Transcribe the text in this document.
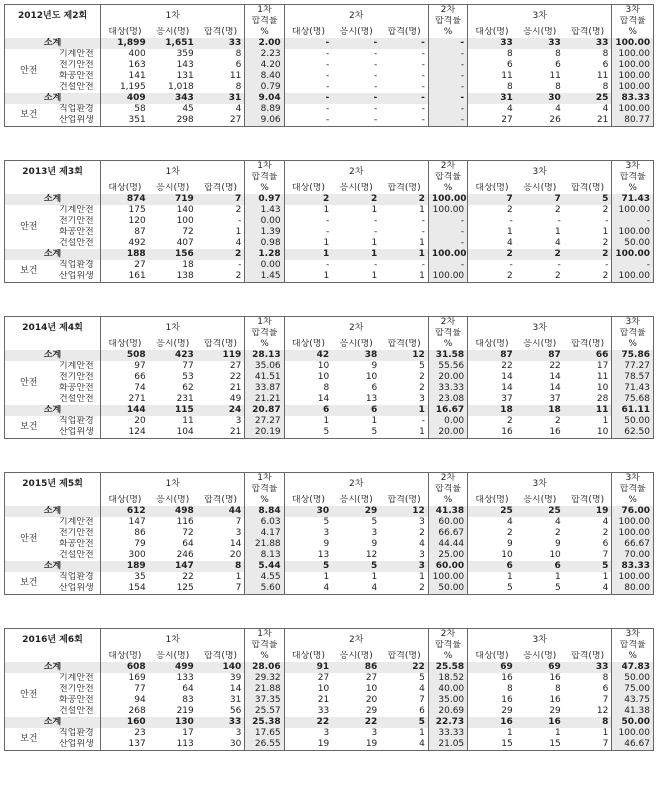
2012년도 제2회		1차			1차	2차			2차	3차			3차
					합격률				합격률				합격률
		대상(명)	응시(명)	합격(명)	%	대상(명)	응시(명)	합격(명)	%	대상(명)	응시(명)	합격(명)	%
소계		1,899	1,651	33	2.00	-	-	-	-	33	33	33	100.00
안전	기계안전	400	359	8	2.23	-	-	-	-	8	8	8	100.00
	전기안전	163	143	6	4.20	-	-	-	-	6	6	6	100.00
	화공안전	141	131	11	8.40	-	-	-	-	11	11	11	100.00
	건설안전	1,195	1,018	8	0.79	-	-	-	-	8	8	8	100.00
소계		409	343	31	9.04	-	-	-	-	31	30	25	83.33
보건	직업환경	58	45	4	8.89	-	-	-	-	4	4	4	100.00
	산업위생	351	298	27	9.06	-	-	-	-	27	26	21	80.77
2013년 제3회		1차			1차	2차			2차	3차			3차
					합격률				합격률				합격률
		대상(명)	응시(명)	합격(명)	%	대상(명)	응시(명)	합격(명)	%	대상(명)	응시(명)	합격(명)	%
소계		874	719	7	0.97	2	2	2	100.00	7	7	5	71.43
안전	기계안전	175	140	2	1.43	1	1	1	100.00	2	2	2	100.00
	전기안전	120	100	-	0.00	-	-	-	-	-	-	-	-
	화공안전	87	72	1	1.39	-	-	-	-	1	1	1	100.00
	건설안전	492	407	4	0.98	1	1	1	-	4	4	2	50.00
소계		188	156	2	1.28	1	1	1	100.00	2	2	2	100.00
보건	직업환경	27	18	-	0.00	-	-	-	-	-	-	-	-
	산업위생	161	138	2	1.45	1	1	1	100.00	2	2	2	100.00
2014년 제4회		1차			1차	2차			2차	3차			3차
					합격률				합격률				합격률
		대상(명)	응시(명)	합격(명)	%	대상(명)	응시(명)	합격(명)	%	대상(명)	응시(명)	합격(명)	%
소계		508	423	119	28.13	42	38	12	31.58	87	87	66	75.86
안전	기계안전	97	77	27	35.06	10	9	5	55.56	22	22	17	77.27
	전기안전	66	53	22	41.51	10	10	2	20.00	14	14	11	78.57
	화공안전	74	62	21	33.87	8	6	2	33.33	14	14	10	71.43
	건설안전	271	231	49	21.21	14	13	3	23.08	37	37	28	75.68
소계		144	115	24	20.87	6	6	1	16.67	18	18	11	61.11
보건	직업환경	20	11	3	27.27	1	1	-	0.00	2	2	1	50.00
	산업위생	124	104	21	20.19	5	5	1	20.00	16	16	10	62.50
2015년 제5회		1차			1차	2차			2차	3차			3차
					합격률				합격률				합격률
		대상(명)	응시(명)	합격(명)	%	대상(명)	응시(명)	합격(명)	%	대상(명)	응시(명)	합격(명)	%
소계		612	498	44	8.84	30	29	12	41.38	25	25	19	76.00
안전	기계안전	147	116	7	6.03	5	5	3	60.00	4	4	4	100.00
	전기안전	86	72	3	4.17	3	3	2	66.67	2	2	2	100.00
	화공안전	79	64	14	21.88	9	9	4	44.44	9	9	6	66.67
	건설안전	300	246	20	8.13	13	12	3	25.00	10	10	7	70.00
소계		189	147	8	5.44	5	5	3	60.00	6	6	5	83.33
보건	직업환경	35	22	1	4.55	1	1	1	100.00	1	1	1	100.00
	산업위생	154	125	7	5.60	4	4	2	50.00	5	5	4	80.00
2016년 제6회		1차			1차	2차			2차	3차			3차
					합격률				합격률				합격률
		대상(명)	응시(명)	합격(명)	%	대상(명)	응시(명)	합격(명)	%	대상(명)	응시(명)	합격(명)	%
소계		608	499	140	28.06	91	86	22	25.58	69	69	33	47.83
안전	기계안전	169	133	39	29.32	27	27	5	18.52	16	16	8	50.00
	전기안전	77	64	14	21.88	10	10	4	40.00	8	8	6	75.00
	화공안전	94	83	31	37.35	21	20	7	35.00	16	16	7	43.75
	건설안전	268	219	56	25.57	33	29	6	20.69	29	29	12	41.38
소계		160	130	33	25.38	22	22	5	22.73	16	16	8	50.00
보건	직업환경	23	17	3	17.65	3	3	1	33.33	1	1	1	100.00
	산업위생	137	113	30	26.55	19	19	4	21.05	15	15	7	46.67
